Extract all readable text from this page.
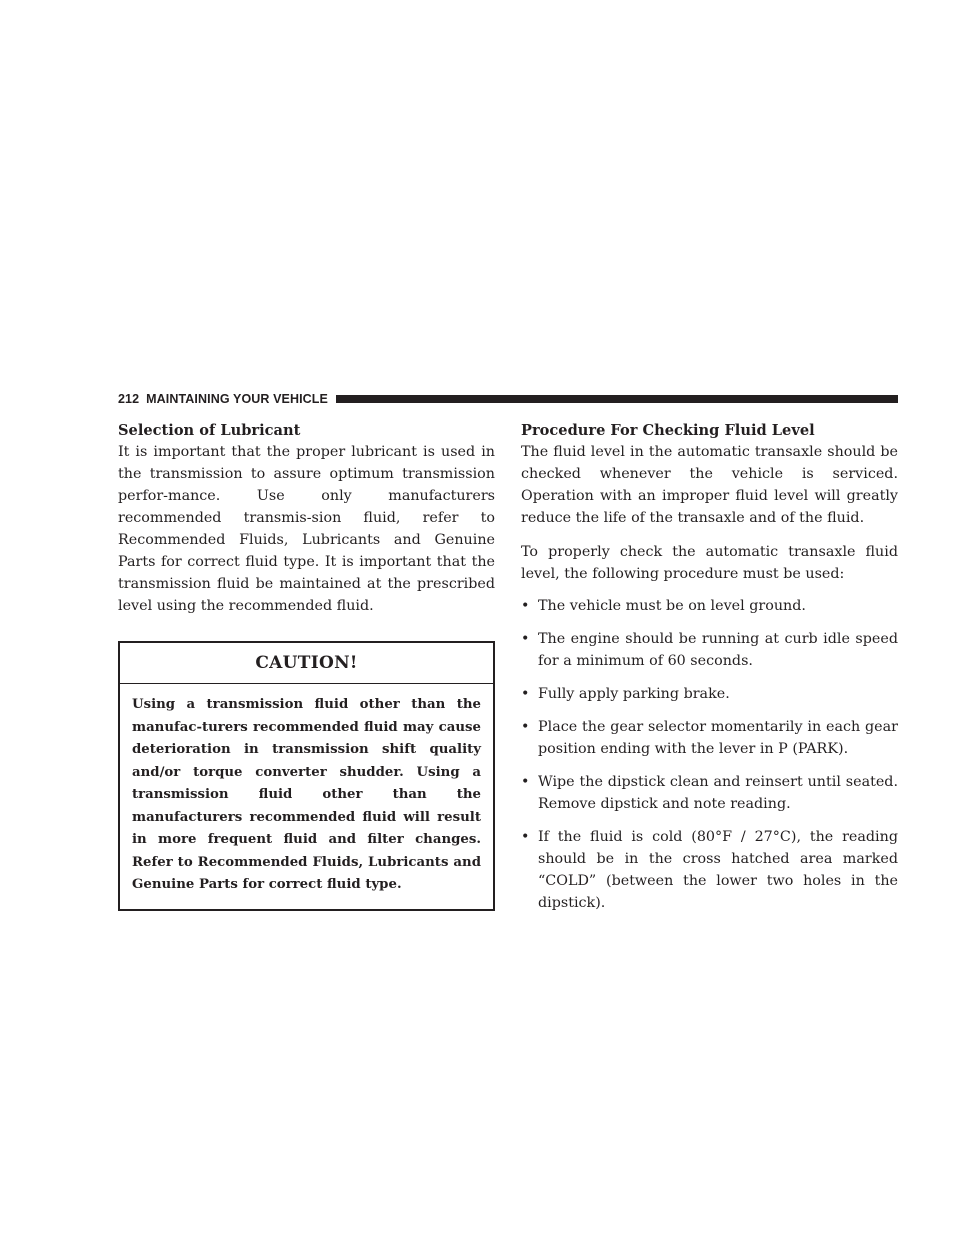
212 MAINTAINING YOUR VEHICLE
Selection of Lubricant

It is important that the proper lubricant is used in the transmission to assure optimum transmission perfor-mance. Use only manufacturers recommended transmis-sion fluid, refer to Recommended Fluids, Lubricants and Genuine Parts for correct fluid type. It is important that the transmission fluid be maintained at the prescribed level using the recommended fluid.

CAUTION!
Using a transmission fluid other than the manufac-turers recommended fluid may cause deterioration in transmission shift quality and/or torque converter shudder. Using a transmission fluid other than the manufacturers recommended fluid will result in more frequent fluid and filter changes. Refer to Recommended Fluids, Lubricants and Genuine Parts for correct fluid type.
Procedure For Checking Fluid Level

The fluid level in the automatic transaxle should be checked whenever the vehicle is serviced. Operation with an improper fluid level will greatly reduce the life of the transaxle and of the fluid.

To properly check the automatic transaxle fluid level, the following procedure must be used:

• The vehicle must be on level ground.
• The engine should be running at curb idle speed for a minimum of 60 seconds.
• Fully apply parking brake.
• Place the gear selector momentarily in each gear position ending with the lever in P (PARK).
• Wipe the dipstick clean and reinsert until seated. Remove dipstick and note reading.
• If the fluid is cold (80°F / 27°C), the reading should be in the cross hatched area marked “COLD” (between the lower two holes in the dipstick).
